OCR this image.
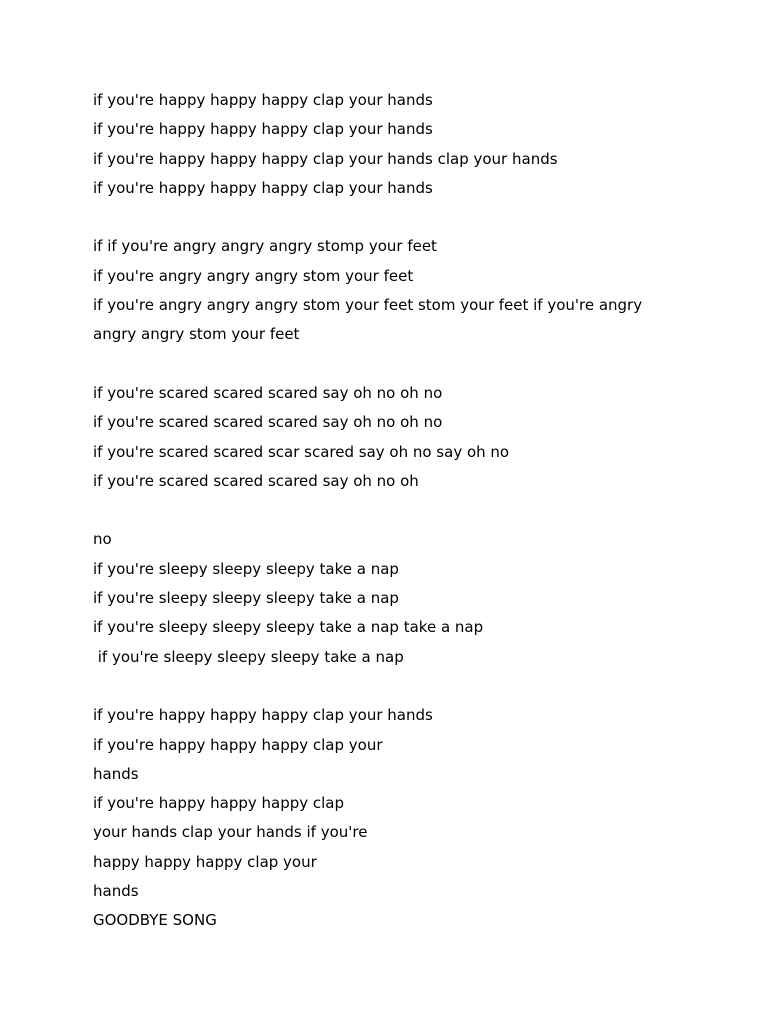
if you're happy happy happy clap your hands
if you're happy happy happy clap your hands
if you're happy happy happy clap your hands clap your hands
if you're happy happy happy clap your hands
if if you're angry angry angry stomp your feet
if you're angry angry angry stom your feet
if you're angry angry angry stom your feet stom your feet if you're angry
angry angry stom your feet
if you're scared scared scared say oh no oh no
if you're scared scared scared say oh no oh no
if you're scared scared scar scared say oh no say oh no
if you're scared scared scared say oh no oh
no
if you're sleepy sleepy sleepy take a nap
if you're sleepy sleepy sleepy take a nap
if you're sleepy sleepy sleepy take a nap take a nap
if you're sleepy sleepy sleepy take a nap
if you're happy happy happy clap your hands
if you're happy happy happy clap your
hands
if you're happy happy happy clap
your hands clap your hands if you're
happy happy happy clap your
hands
GOODBYE SONG
